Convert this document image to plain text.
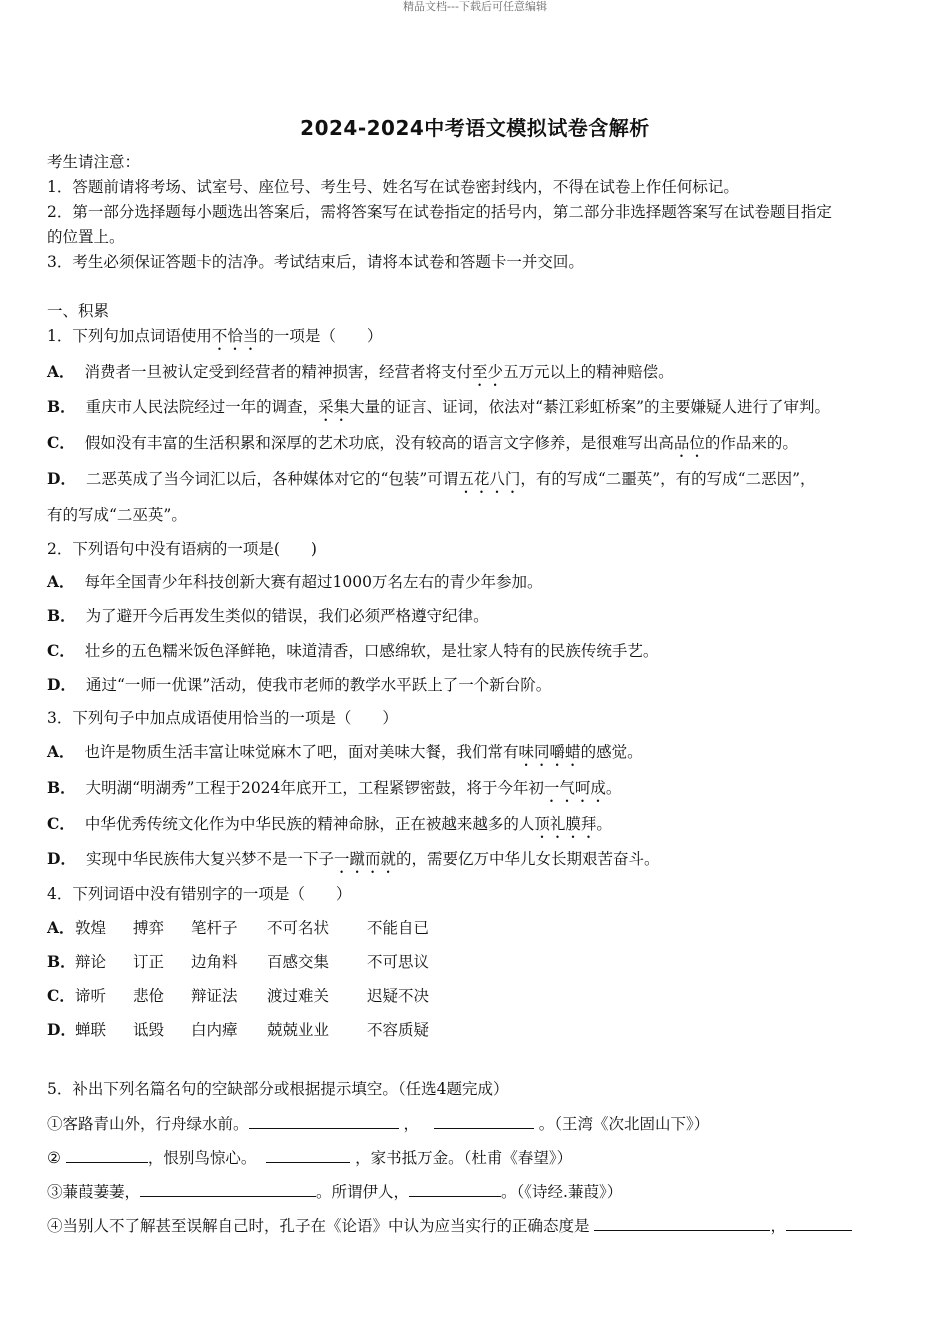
精品文档---下载后可任意编辑
2024-2024中考语文模拟试卷含解析
考生请注意：
1．答题前请将考场、试室号、座位号、考生号、姓名写在试卷密封线内，不得在试卷上作任何标记。
2．第一部分选择题每小题选出答案后，需将答案写在试卷指定的括号内，第二部分非选择题答案写在试卷题目指定
的位置上。
3．考生必须保证答题卡的洁净。考试结束后，请将本试卷和答题卡一并交回。
一、积累
1．下列句加点词语使用不恰当的一项是（　　）
A． 消费者一旦被认定受到经营者的精神损害，经营者将支付至少五万元以上的精神赔偿。
B． 重庆市人民法院经过一年的调查，采集大量的证言、证词，依法对“綦江彩虹桥案”的主要嫌疑人进行了审判。
C． 假如没有丰富的生活积累和深厚的艺术功底，没有较高的语言文字修养，是很难写出高品位的作品来的。
D． 二恶英成了当今词汇以后，各种媒体对它的“包装”可谓五花八门，有的写成“二噩英”，有的写成“二恶因”，
有的写成“二巫英”。
2．下列语句中没有语病的一项是(　　)
A． 每年全国青少年科技创新大赛有超过1000万名左右的青少年参加。
B． 为了避开今后再发生类似的错误，我们必须严格遵守纪律。
C． 壮乡的五色糯米饭色泽鲜艳，味道清香，口感绵软，是壮家人特有的民族传统手艺。
D． 通过“一师一优课”活动，使我市老师的教学水平跃上了一个新台阶。
3．下列句子中加点成语使用恰当的一项是（　　）
A． 也许是物质生活丰富让味觉麻木了吧，面对美味大餐，我们常有味同嚼蜡的感觉。
B． 大明湖“明湖秀”工程于2024年底开工，工程紧锣密鼓，将于今年初一气呵成。
C． 中华优秀传统文化作为中华民族的精神命脉，正在被越来越多的人顶礼膜拜。
D． 实现中华民族伟大复兴梦不是一下子一蹴而就的，需要亿万中华儿女长期艰苦奋斗。
4．下列词语中没有错别字的一项是（　　）
A．敦煌 搏弈 笔杆子 不可名状 不能自已
B．辩论 订正 边角料 百感交集 不可思议
C．谛听 悲伧 辩证法 渡过难关 迟疑不决
D．蝉联 诋毁 白内瘴 兢兢业业 不容质疑
5．补出下列名篇名句的空缺部分或根据提示填空。（任选4题完成）
①客路青山外，行舟绿水前。	，	。（王湾《次北固山下》）
②	，恨别鸟惊心。	，家书抵万金。（杜甫《春望》）
③蒹葭萋萋，	。所谓伊人，	。（《诗经.蒹葭》）
④当别人不了解甚至误解自己时，孔子在《论语》中认为应当实行的正确态度是	，
